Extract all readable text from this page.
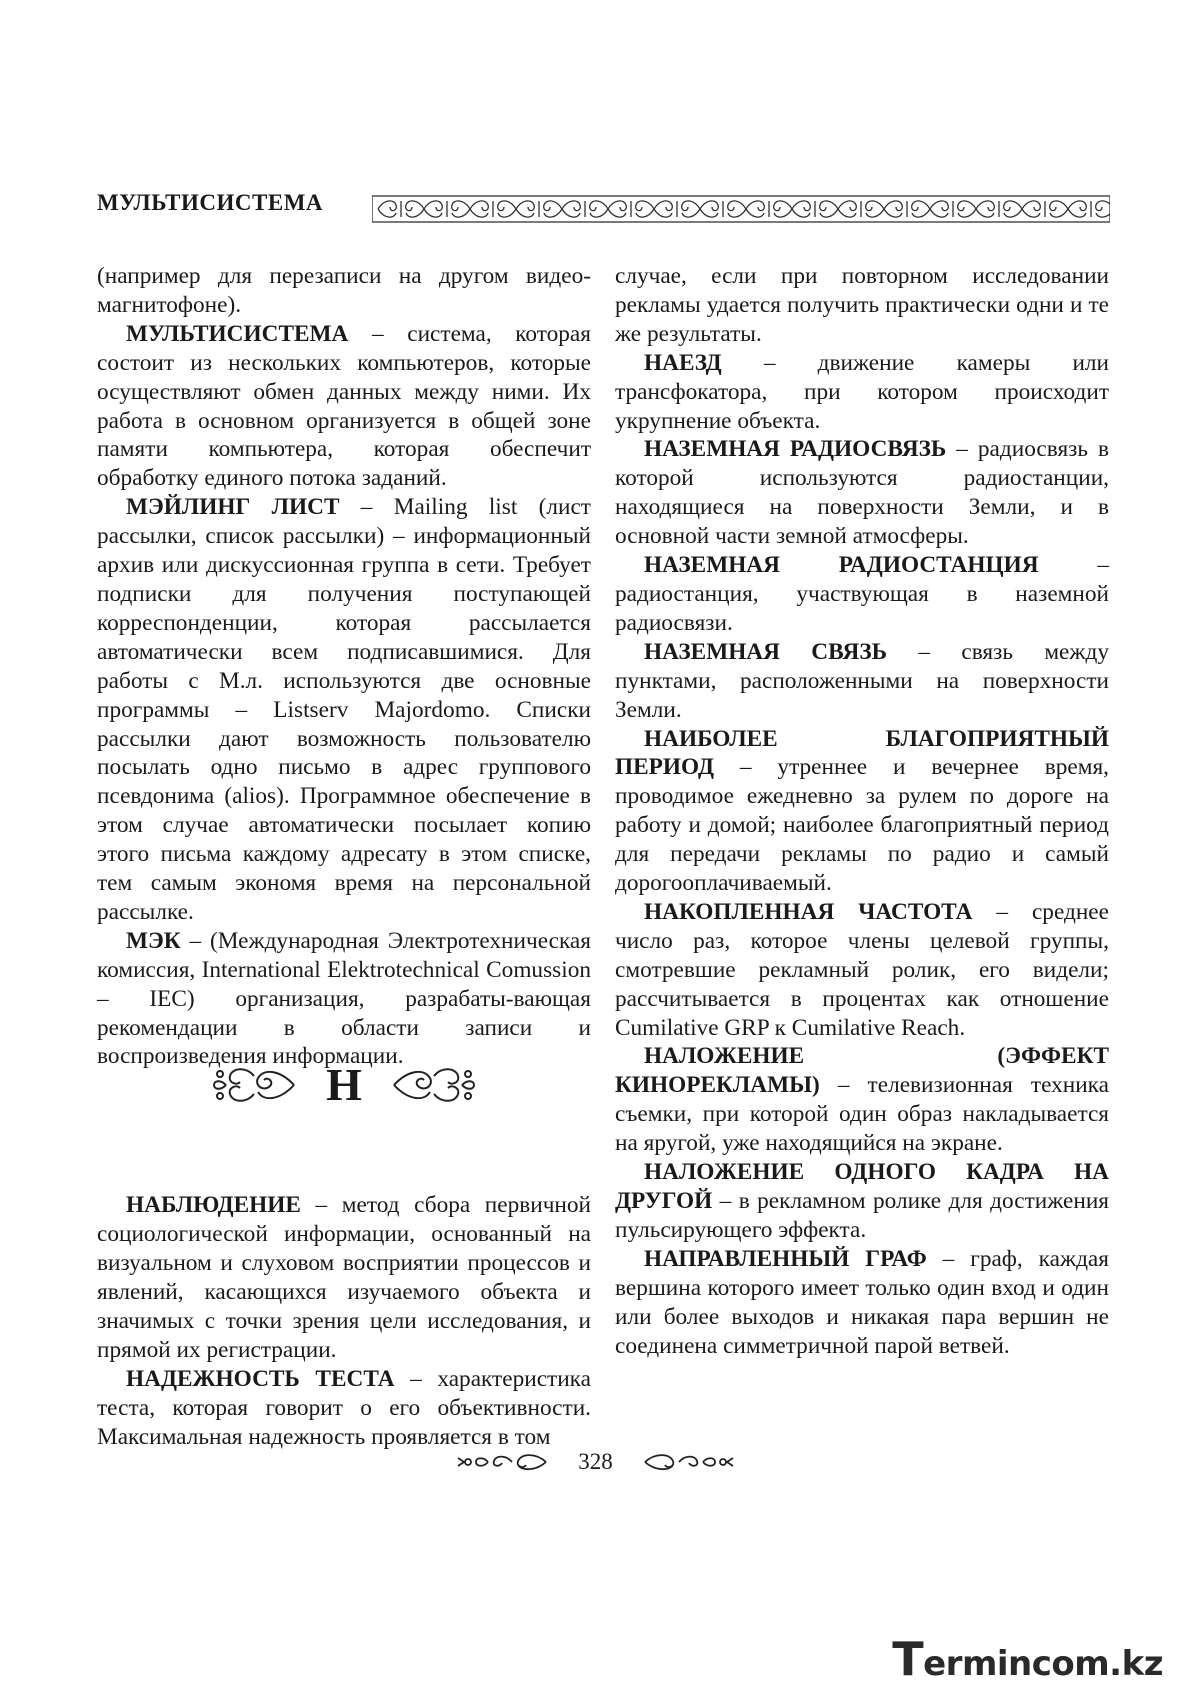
МУЛЬТИСИСТЕМА

(например для перезаписи на другом видео-магнитофоне).

МУЛЬТИСИСТЕМА – система, которая состоит из нескольких компьютеров, которые осуществляют обмен данных между ними. Их работа в основном организуется в общей зоне памяти компьютера, которая обеспечит обработку единого потока заданий.

МЭЙЛИНГ ЛИСТ – Mailing list (лист рассылки, список рассылки) – информационный архив или дискуссионная группа в сети. Требует подписки для получения поступающей корреспонденции, которая рассылается автоматически всем подписавшимися. Для работы с М.л. используются две основные программы – Listserv Majordomo. Списки рассылки дают возможность пользователю посылать одно письмо в адрес группового псевдонима (alios). Программное обеспечение в этом случае автоматически посылает копию этого письма каждому адресату в этом списке, тем самым экономя время на персональной рассылке.

МЭК – (Международная Электротехническая комиссия, International Elektrotechnical Comussion – IEC) организация, разрабаты-вающая рекомендации в области записи и воспроизведения информации.

НАБЛЮДЕНИЕ – метод сбора первичной социологической информации, основанный на визуальном и слуховом восприятии процессов и явлений, касающихся изучаемого объекта и значимых с точки зрения цели исследования, и прямой их регистрации.

НАДЕЖНОСТЬ ТЕСТА – характеристика теста, которая говорит о его объективности. Максимальная надежность проявляется в том

Н

случае, если при повторном исследовании рекламы удается получить практически одни и те же результаты.

НАЕЗД – движение камеры или трансфокатора, при котором происходит укрупнение объекта.

НАЗЕМНАЯ РАДИОСВЯЗЬ – радиосвязь в которой используются радиостанции, находящиеся на поверхности Земли, и в основной части земной атмосферы.

НАЗЕМНАЯ РАДИОСТАНЦИЯ – радиостанция, участвующая в наземной радиосвязи.

НАЗЕМНАЯ СВЯЗЬ – связь между пунктами, расположенными на поверхности Земли.

НАИБОЛЕЕ БЛАГОПРИЯТНЫЙ ПЕРИОД – утреннее и вечернее время, проводимое ежедневно за рулем по дороге на работу и домой; наиболее благоприятный период для передачи рекламы по радио и самый дорогооплачиваемый.

НАКОПЛЕННАЯ ЧАСТОТА – среднее число раз, которое члены целевой группы, смотревшие рекламный ролик, его видели; рассчитывается в процентах как отношение Cumilative GRP к Cumilative Reach.

НАЛОЖЕНИЕ (ЭФФЕКТ КИНОРЕКЛАМЫ) – телевизионная техника съемки, при которой один образ накладывается на яругой, уже находящийся на экране.

НАЛОЖЕНИЕ ОДНОГО КАДРА НА ДРУГОЙ – в рекламном ролике для достижения пульсирующего эффекта.

НАПРАВЛЕННЫЙ ГРАФ – граф, каждая вершина которого имеет только один вход и один или более выходов и никакая пара вершин не соединена симметричной парой ветвей.

328
Termincom.kz
